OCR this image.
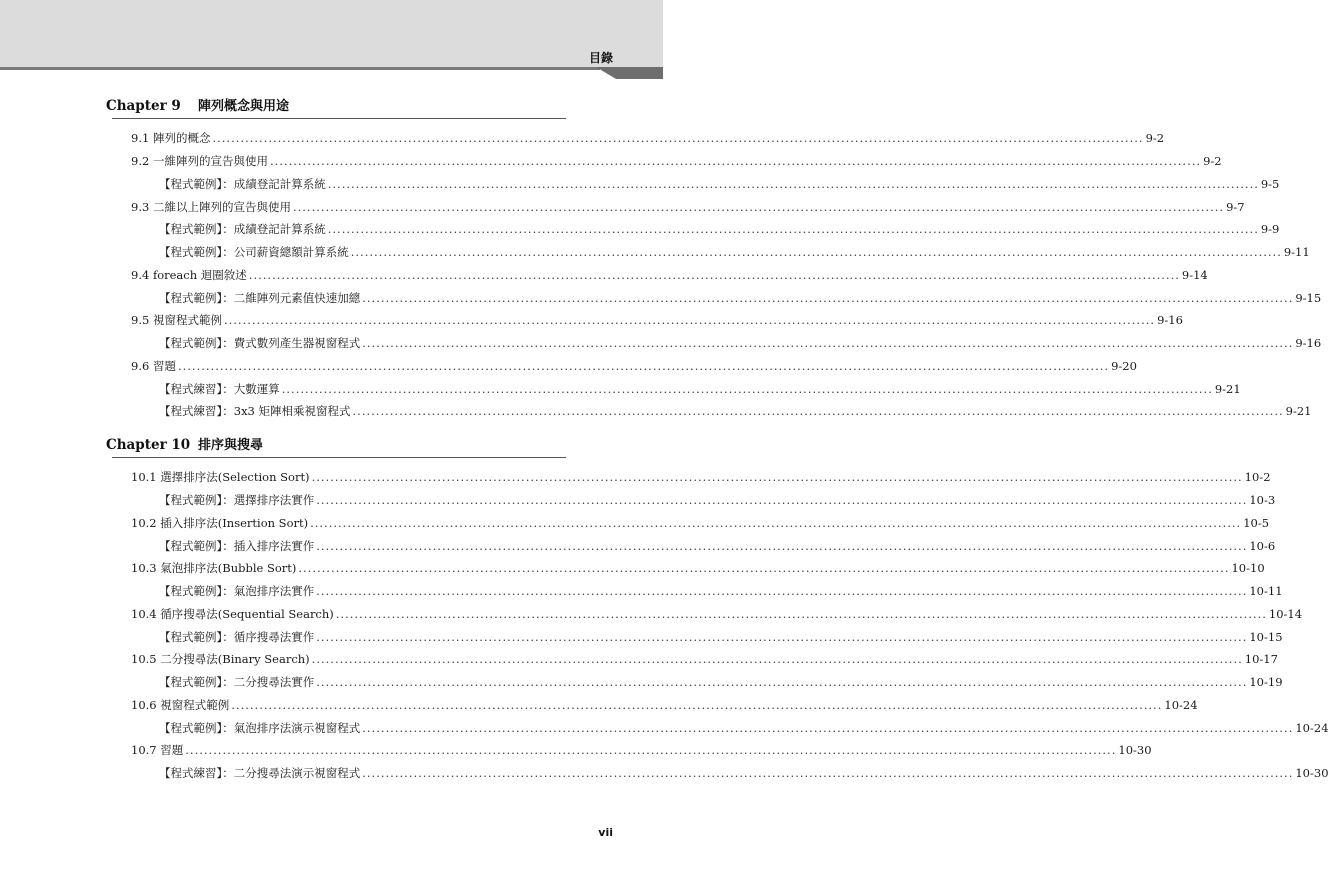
目錄
Chapter 9	陣列概念與用途
9.1 陣列的概念 ........................................................................................................................................................................................................ 9-2
9.2 一維陣列的宣告與使用 ........................................................................................................................................................................................................ 9-2
【程式範例】：成績登記計算系統 ........................................................................................................................................................................................................ 9-5
9.3 二維以上陣列的宣告與使用 ........................................................................................................................................................................................................ 9-7
【程式範例】：成績登記計算系統 ........................................................................................................................................................................................................ 9-9
【程式範例】：公司薪資總額計算系統 ........................................................................................................................................................................................................ 9-11
9.4 foreach 迴圈敘述 ........................................................................................................................................................................................................ 9-14
【程式範例】：二維陣列元素值快速加總 ........................................................................................................................................................................................................ 9-15
9.5 視窗程式範例 ........................................................................................................................................................................................................ 9-16
【程式範例】：費式數列產生器視窗程式 ........................................................................................................................................................................................................ 9-16
9.6 習題 ........................................................................................................................................................................................................ 9-20
【程式練習】：大數運算 ........................................................................................................................................................................................................ 9-21
【程式練習】：3x3 矩陣相乘視窗程式 ........................................................................................................................................................................................................ 9-21
Chapter 10 排序與搜尋
10.1 選擇排序法(Selection Sort) ........................................................................................................................................................................................................ 10-2
【程式範例】：選擇排序法實作 ........................................................................................................................................................................................................ 10-3
10.2 插入排序法(Insertion Sort) ........................................................................................................................................................................................................ 10-5
【程式範例】：插入排序法實作 ........................................................................................................................................................................................................ 10-6
10.3 氣泡排序法(Bubble Sort) ........................................................................................................................................................................................................ 10-10
【程式範例】：氣泡排序法實作 ........................................................................................................................................................................................................ 10-11
10.4 循序搜尋法(Sequential Search) ........................................................................................................................................................................................................ 10-14
【程式範例】：循序搜尋法實作 ........................................................................................................................................................................................................ 10-15
10.5 二分搜尋法(Binary Search) ........................................................................................................................................................................................................ 10-17
【程式範例】：二分搜尋法實作 ........................................................................................................................................................................................................ 10-19
10.6 視窗程式範例 ........................................................................................................................................................................................................ 10-24
【程式範例】：氣泡排序法演示視窗程式 ........................................................................................................................................................................................................ 10-24
10.7 習題 ........................................................................................................................................................................................................ 10-30
【程式練習】：二分搜尋法演示視窗程式 ........................................................................................................................................................................................................ 10-30
vii
